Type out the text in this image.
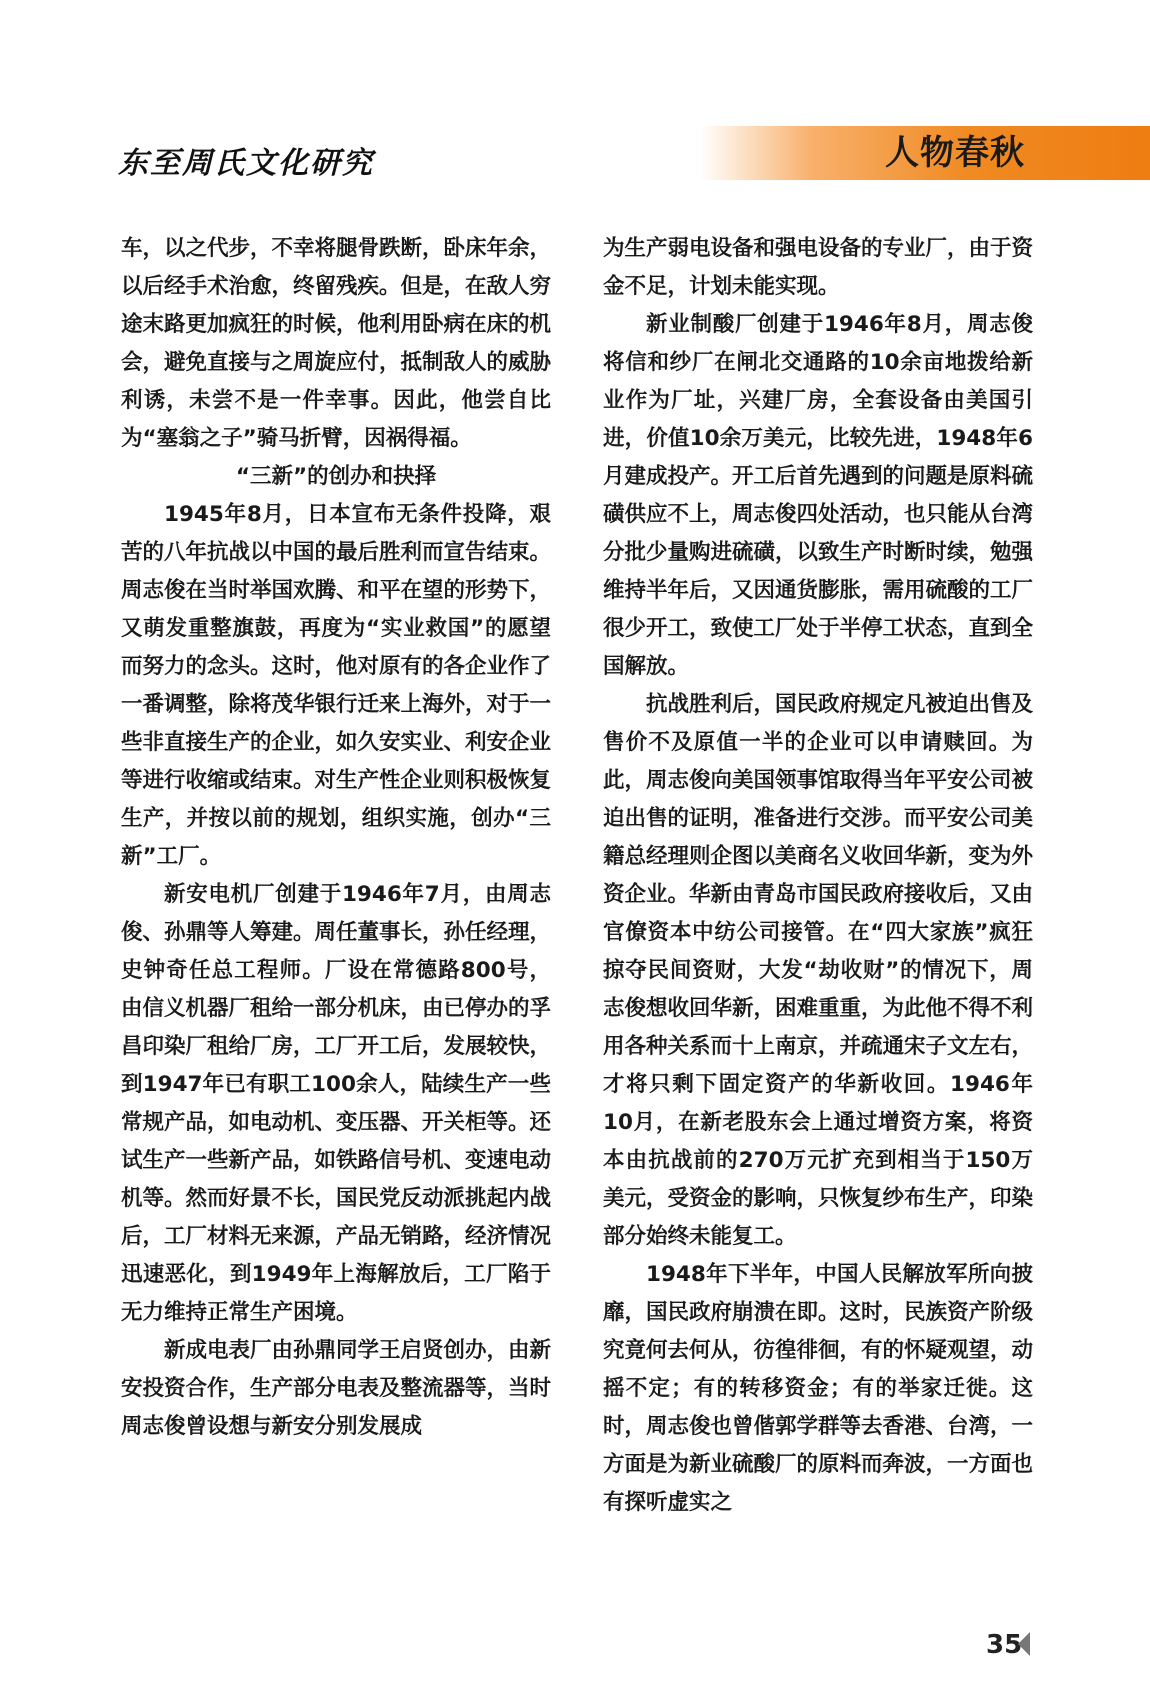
东至周氏文化研究	人物春秋

车，以之代步，不幸将腿骨跌断，卧床年余，以后经手术治愈，终留残疾。但是，在敌人穷途末路更加疯狂的时候，他利用卧病在床的机会，避免直接与之周旋应付，抵制敌人的威胁利诱，未尝不是一件幸事。因此，他尝自比为“塞翁之子”骑马折臂，因祸得福。

“三新”的创办和抉择

1945年8月，日本宣布无条件投降，艰苦的八年抗战以中国的最后胜利而宣告结束。周志俊在当时举国欢腾、和平在望的形势下，又萌发重整旗鼓，再度为“实业救国”的愿望而努力的念头。这时，他对原有的各企业作了一番调整，除将茂华银行迁来上海外，对于一些非直接生产的企业，如久安实业、利安企业等进行收缩或结束。对生产性企业则积极恢复生产，并按以前的规划，组织实施，创办“三新”工厂。

新安电机厂创建于1946年7月，由周志俊、孙鼎等人筹建。周任董事长，孙任经理，史钟奇任总工程师。厂设在常德路800号，由信义机器厂租给一部分机床，由已停办的孚昌印染厂租给厂房，工厂开工后，发展较快，到1947年已有职工100余人，陆续生产一些常规产品，如电动机、变压器、开关柜等。还试生产一些新产品，如铁路信号机、变速电动机等。然而好景不长，国民党反动派挑起内战后，工厂材料无来源，产品无销路，经济情况迅速恶化，到1949年上海解放后，工厂陷于无力维持正常生产困境。

新成电表厂由孙鼎同学王启贤创办，由新安投资合作，生产部分电表及整流器等，当时周志俊曾设想与新安分别发展成

为生产弱电设备和强电设备的专业厂，由于资金不足，计划未能实现。

新业制酸厂创建于1946年8月，周志俊将信和纱厂在闸北交通路的10余亩地拨给新业作为厂址，兴建厂房，全套设备由美国引进，价值10余万美元，比较先进，1948年6月建成投产。开工后首先遇到的问题是原料硫磺供应不上，周志俊四处活动，也只能从台湾分批少量购进硫磺，以致生产时断时续，勉强维持半年后，又因通货膨胀，需用硫酸的工厂很少开工，致使工厂处于半停工状态，直到全国解放。

抗战胜利后，国民政府规定凡被迫出售及售价不及原值一半的企业可以申请赎回。为此，周志俊向美国领事馆取得当年平安公司被迫出售的证明，准备进行交涉。而平安公司美籍总经理则企图以美商名义收回华新，变为外资企业。华新由青岛市国民政府接收后，又由官僚资本中纺公司接管。在“四大家族”疯狂掠夺民间资财，大发“劫收财”的情况下，周志俊想收回华新，困难重重，为此他不得不利用各种关系而十上南京，并疏通宋子文左右，才将只剩下固定资产的华新收回。1946年10月，在新老股东会上通过增资方案，将资本由抗战前的270万元扩充到相当于150万美元，受资金的影响，只恢复纱布生产，印染部分始终未能复工。

1948年下半年，中国人民解放军所向披靡，国民政府崩溃在即。这时，民族资产阶级究竟何去何从，彷徨徘徊，有的怀疑观望，动摇不定；有的转移资金；有的举家迁徙。这时，周志俊也曾偕郭学群等去香港、台湾，一方面是为新业硫酸厂的原料而奔波，一方面也有探听虚实之

35
